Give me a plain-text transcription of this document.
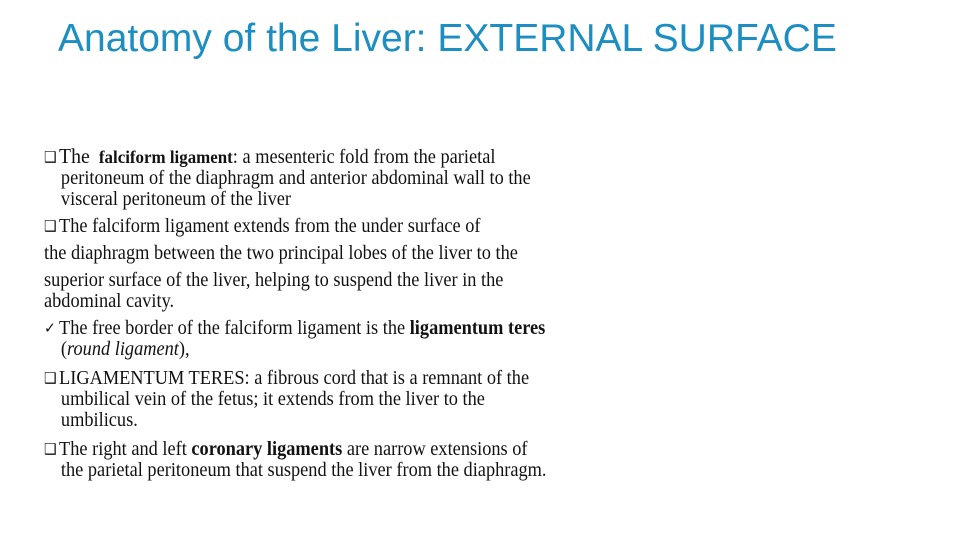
Anatomy of the Liver: EXTERNAL SURFACE

❑ The falciform ligament: a mesenteric fold from the parietal
peritoneum of the diaphragm and anterior abdominal wall to the
visceral peritoneum of the liver

❑ The falciform ligament extends from the under surface of
the diaphragm between the two principal lobes of the liver to the
superior surface of the liver, helping to suspend the liver in the
abdominal cavity.

✓ The free border of the falciform ligament is the ligamentum teres
(round ligament),

❑ LIGAMENTUM TERES: a fibrous cord that is a remnant of the
umbilical vein of the fetus; it extends from the liver to the
umbilicus.

❑ The right and left coronary ligaments are narrow extensions of
the parietal peritoneum that suspend the liver from the diaphragm.
